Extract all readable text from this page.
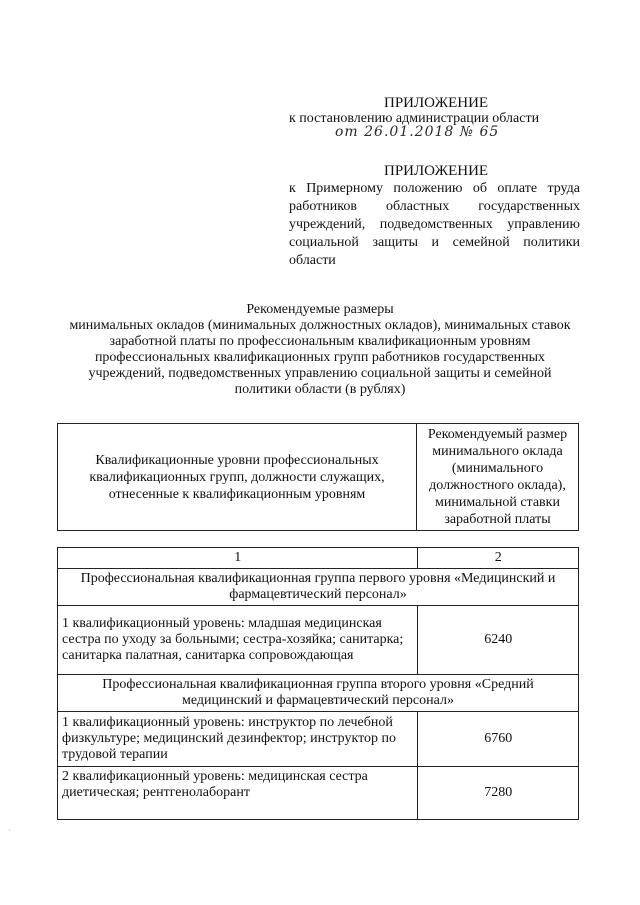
ПРИЛОЖЕНИЕ
к постановлению администрации области
от 26.01.2018 № 65
ПРИЛОЖЕНИЕ
к Примерному положению об оплате труда работников областных государственных учреждений, подведомственных управлению социальной защиты и семейной политики области
Рекомендуемые размеры
минимальных окладов (минимальных должностных окладов), минимальных ставок заработной платы по профессиональным квалификационным уровням профессиональных квалификационных групп работников государственных учреждений, подведомственных управлению социальной защиты и семейной политики области (в рублях)
Квалификационные уровни профессиональных квалификационных групп, должности служащих, отнесенные к квалификационным уровням	Рекомендуемый размер минимального оклада (минимального должностного оклада), минимальной ставки заработной платы
1	2
Профессиональная квалификационная группа первого уровня «Медицинский и фармацевтический персонал»	
1 квалификационный уровень: младшая медицинская сестра по уходу за больными; сестра-хозяйка; санитарка; санитарка палатная, санитарка сопровождающая	6240
Профессиональная квалификационная группа второго уровня «Средний медицинский и фармацевтический персонал»	
1 квалификационный уровень: инструктор по лечебной физкультуре; медицинский дезинфектор; инструктор по трудовой терапии	6760
2 квалификационный уровень: медицинская сестра диетическая; рентгенолаборант	7280
·
